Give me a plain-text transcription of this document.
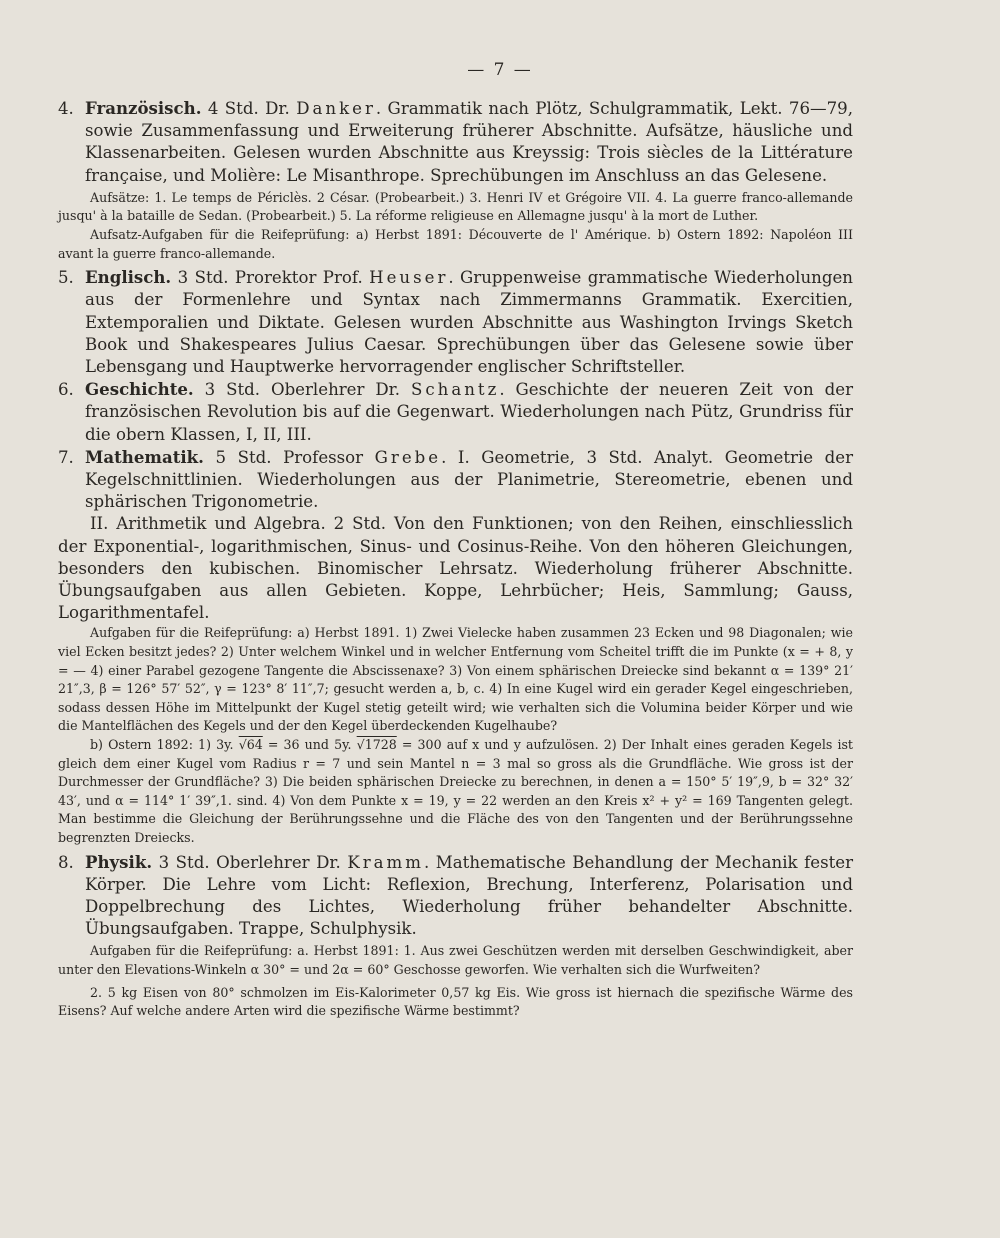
— 7 —

4. Französisch. 4 Std. Dr. Danker. Grammatik nach Plötz, Schulgrammatik, Lekt. 76—79, sowie Zusammenfassung und Erweiterung früherer Abschnitte. Aufsätze, häusliche und Klassenarbeiten. Gelesen wurden Abschnitte aus Kreyssig: Trois siècles de la Littérature française, und Molière: Le Misanthrope. Sprechübungen im Anschluss an das Gelesene.

Aufsätze: 1. Le temps de Périclès. 2 César. (Probearbeit.) 3. Henri IV et Grégoire VII. 4. La guerre franco-allemande jusqu' à la bataille de Sedan. (Probearbeit.) 5. La réforme religieuse en Allemagne jusqu' à la mort de Luther.

Aufsatz-Aufgaben für die Reifeprüfung: a) Herbst 1891: Découverte de l' Amérique. b) Ostern 1892: Napoléon III avant la guerre franco-allemande.

5. Englisch. 3 Std. Prorektor Prof. Heuser. Gruppenweise grammatische Wiederholungen aus der Formenlehre und Syntax nach Zimmermanns Grammatik. Exercitien, Extemporalien und Diktate. Gelesen wurden Abschnitte aus Washington Irvings Sketch Book und Shakespeares Julius Caesar. Sprechübungen über das Gelesene sowie über Lebensgang und Hauptwerke hervorragender englischer Schriftsteller.

6. Geschichte. 3 Std. Oberlehrer Dr. Schantz. Geschichte der neueren Zeit von der französischen Revolution bis auf die Gegenwart. Wiederholungen nach Pütz, Grundriss für die obern Klassen, I, II, III.

7. Mathematik. 5 Std. Professor Grebe. I. Geometrie, 3 Std. Analyt. Geometrie der Kegelschnittlinien. Wiederholungen aus der Planimetrie, Stereometrie, ebenen und sphärischen Trigonometrie.

II. Arithmetik und Algebra. 2 Std. Von den Funktionen; von den Reihen, einschliesslich der Exponential-, logarithmischen, Sinus- und Cosinus-Reihe. Von den höheren Gleichungen, besonders den kubischen. Binomischer Lehrsatz. Wiederholung früherer Abschnitte. Übungsaufgaben aus allen Gebieten. Koppe, Lehrbücher; Heis, Sammlung; Gauss, Logarithmentafel.

Aufgaben für die Reifeprüfung: a) Herbst 1891. 1) Zwei Vielecke haben zusammen 23 Ecken und 98 Diagonalen; wie viel Ecken besitzt jedes? 2) Unter welchem Winkel und in welcher Entfernung vom Scheitel trifft die im Punkte (x = + 8, y = — 4) einer Parabel gezogene Tangente die Abscissenaxe? 3) Von einem sphärischen Dreiecke sind bekannt α = 139° 21′ 21″,3, β = 126° 57′ 52″, γ = 123° 8′ 11″,7; gesucht werden a, b, c. 4) In eine Kugel wird ein gerader Kegel eingeschrieben, sodass dessen Höhe im Mittelpunkt der Kugel stetig geteilt wird; wie verhalten sich die Volumina beider Körper und wie die Mantelflächen des Kegels und der den Kegel überdeckenden Kugelhaube?

b) Ostern 1892: 1) 3y. √64 = 36 und 5y. √1728 = 300 auf x und y aufzulösen. 2) Der Inhalt eines geraden Kegels ist gleich dem einer Kugel vom Radius r = 7 und sein Mantel n = 3 mal so gross als die Grundfläche. Wie gross ist der Durchmesser der Grundfläche? 3) Die beiden sphärischen Dreiecke zu berechnen, in denen a = 150° 5′ 19″,9, b = 32° 32′ 43′, und α = 114° 1′ 39″,1. sind. 4) Von dem Punkte x = 19, y = 22 werden an den Kreis x² + y² = 169 Tangenten gelegt. Man bestimme die Gleichung der Berührungssehne und die Fläche des von den Tangenten und der Berührungssehne begrenzten Dreiecks.

8. Physik. 3 Std. Oberlehrer Dr. Kramm. Mathematische Behandlung der Mechanik fester Körper. Die Lehre vom Licht: Reflexion, Brechung, Interferenz, Polarisation und Doppelbrechung des Lichtes, Wiederholung früher behandelter Abschnitte. Übungsaufgaben. Trappe, Schulphysik.

Aufgaben für die Reifeprüfung: a. Herbst 1891: 1. Aus zwei Geschützen werden mit derselben Geschwindigkeit, aber unter den Elevations-Winkeln α 30° = und 2α = 60° Geschosse geworfen. Wie verhalten sich die Wurfweiten?

2. 5 kg Eisen von 80° schmolzen im Eis-Kalorimeter 0,57 kg Eis. Wie gross ist hiernach die spezifische Wärme des Eisens? Auf welche andere Arten wird die spezifische Wärme bestimmt?
